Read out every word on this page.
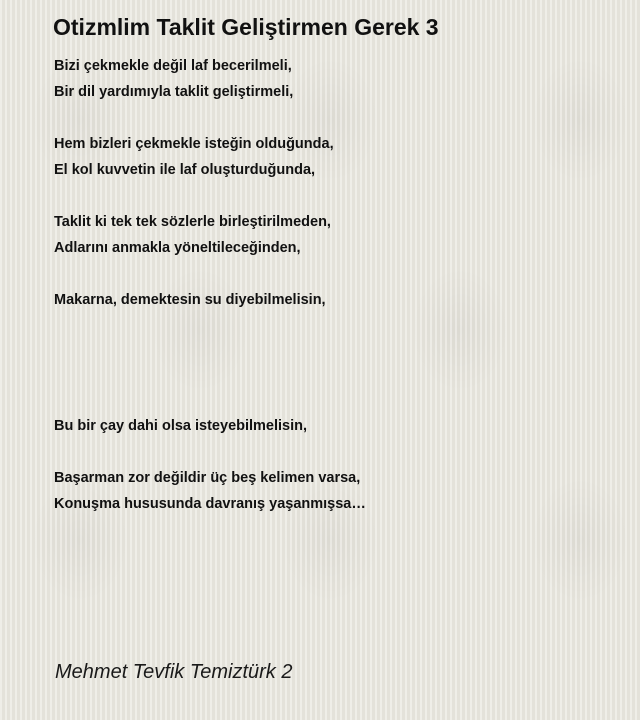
Otizmlim Taklit Geliştirmen Gerek 3
Bizi çekmekle değil laf becerilmeli,
Bir dil yardımıyla taklit geliştirmeli,
Hem bizleri çekmekle isteğin olduğunda,
El kol kuvvetin ile laf oluşturduğunda,
Taklit ki tek tek sözlerle birleştirilmeden,
Adlarını anmakla yöneltileceğinden,
Makarna, demektesin su diyebilmelisin,
Bu bir çay dahi olsa isteyebilmelisin,
Başarman zor değildir üç beş kelimen varsa,
Konuşma hususunda davranış yaşanmışsa…
Mehmet Tevfik Temiztürk 2
